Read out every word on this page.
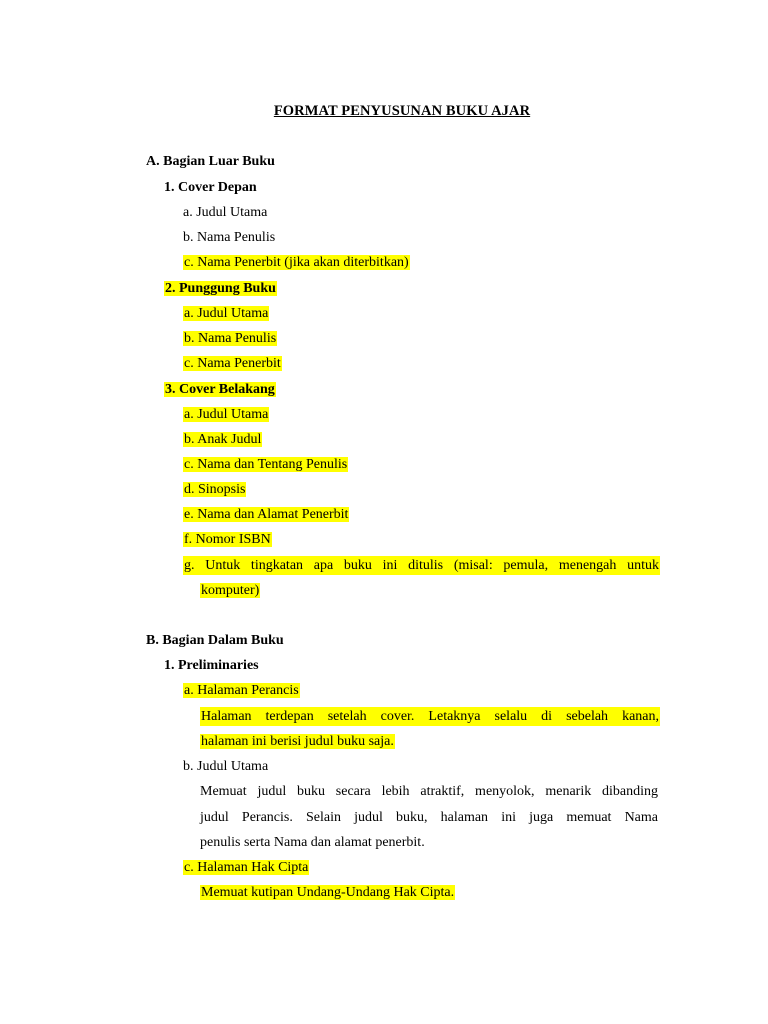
FORMAT PENYUSUNAN BUKU AJAR
A. Bagian Luar Buku
1. Cover Depan
a. Judul Utama
b. Nama Penulis
c. Nama Penerbit (jika akan diterbitkan)
2. Punggung Buku
a. Judul Utama
b. Nama Penulis
c. Nama Penerbit
3. Cover Belakang
a. Judul Utama
b. Anak Judul
c. Nama dan Tentang Penulis
d. Sinopsis
e. Nama dan Alamat Penerbit
f. Nomor ISBN
g. Untuk tingkatan apa buku ini ditulis (misal: pemula, menengah untuk
komputer)
B. Bagian Dalam Buku
1. Preliminaries
a. Halaman Perancis
Halaman terdepan setelah cover. Letaknya selalu di sebelah kanan,
halaman ini berisi judul buku saja.
b. Judul Utama
Memuat judul buku secara lebih atraktif, menyolok, menarik dibanding
judul Perancis. Selain judul buku, halaman ini juga memuat Nama
penulis serta Nama dan alamat penerbit.
c. Halaman Hak Cipta
Memuat kutipan Undang-Undang Hak Cipta.
